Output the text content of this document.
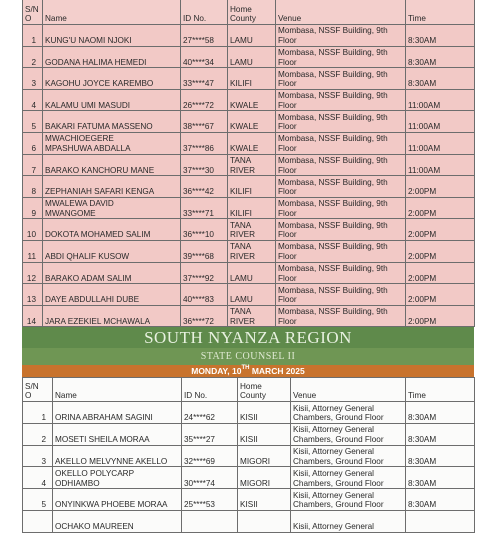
S/N
O	Name	ID No.	Home
County	Venue	Time
1	KUNG'U NAOMI NJOKI	27****58	LAMU	Mombasa, NSSF Building, 9th
Floor	8:30AM
2	GODANA HALIMA HEMEDI	40****34	LAMU	Mombasa, NSSF Building, 9th
Floor	8:30AM
3	KAGOHU JOYCE KAREMBO	33****47	KILIFI	Mombasa, NSSF Building, 9th
Floor	8:30AM
4	KALAMU UMI MASUDI	26****72	KWALE	Mombasa, NSSF Building, 9th
Floor	11:00AM
5	BAKARI FATUMA MASSENO	38****67	KWALE	Mombasa, NSSF Building, 9th
Floor	11:00AM
6	MWACHIOEGERE
MPASHUWA ABDALLA	37****86	KWALE	Mombasa, NSSF Building, 9th
Floor	11:00AM
7	BARAKO KANCHORU MANE	37****30	TANA
RIVER	Mombasa, NSSF Building, 9th
Floor	11:00AM
8	ZEPHANIAH SAFARI KENGA	36****42	KILIFI	Mombasa, NSSF Building, 9th
Floor	2:00PM
9	MWALEWA DAVID
MWANGOME	33****71	KILIFI	Mombasa, NSSF Building, 9th
Floor	2:00PM
10	DOKOTA MOHAMED SALIM	36****10	TANA
RIVER	Mombasa, NSSF Building, 9th
Floor	2:00PM
11	ABDI QHALIF KUSOW	39****68	TANA
RIVER	Mombasa, NSSF Building, 9th
Floor	2:00PM
12	BARAKO ADAM SALIM	37****92	LAMU	Mombasa, NSSF Building, 9th
Floor	2:00PM
13	DAYE ABDULLAHI DUBE	40****83	LAMU	Mombasa, NSSF Building, 9th
Floor	2:00PM
14	JARA EZEKIEL MCHAWALA	36****72	TANA
RIVER	Mombasa, NSSF Building, 9th
Floor	2:00PM
SOUTH NYANZA REGION
STATE COUNSEL II
MONDAY, 10TH MARCH 2025
S/N
O	Name	ID No.	Home
County	Venue	Time
1	ORINA ABRAHAM SAGINI	24****62	KISII	Kisii, Attorney General
Chambers, Ground Floor	8:30AM
2	MOSETI SHEILA MORAA	35****27	KISII	Kisii, Attorney General
Chambers, Ground Floor	8:30AM
3	AKELLO MELVYNNE AKELLO	32****69	MIGORI	Kisii, Attorney General
Chambers, Ground Floor	8:30AM
4	OKELLO POLYCARP
ODHIAMBO	30****74	MIGORI	Kisii, Attorney General
Chambers, Ground Floor	8:30AM
5	ONYINKWA PHOEBE MORAA	25****53	KISII	Kisii, Attorney General
Chambers, Ground Floor	8:30AM
	OCHAKO MAUREEN			Kisii, Attorney General
